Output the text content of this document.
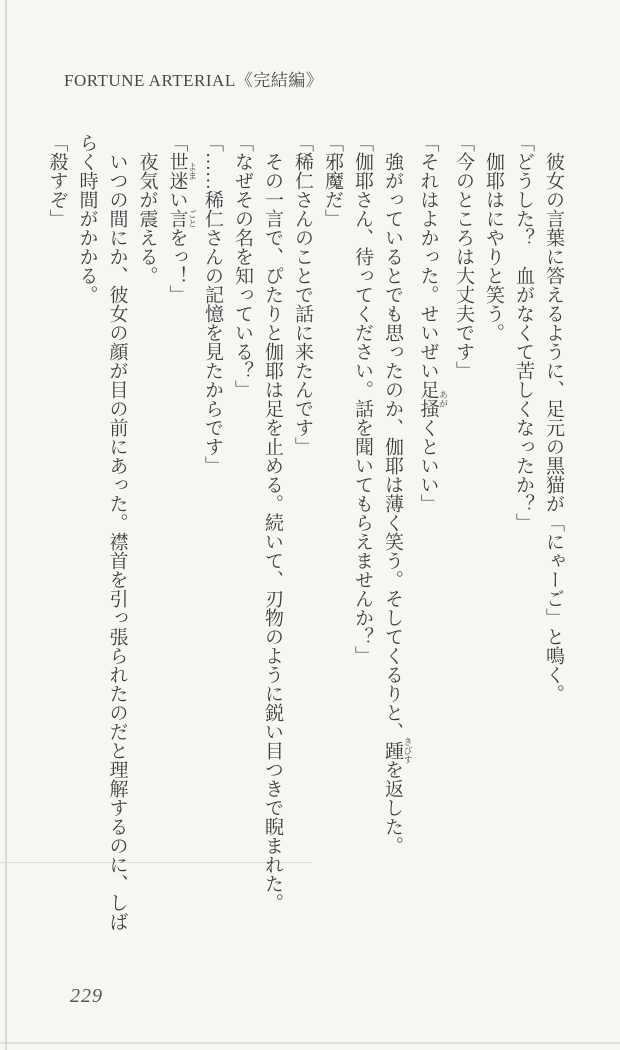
FORTUNE ARTERIAL《完結編》

彼女の言葉に答えるように、足元の黒猫が「にゃーご」と鳴く。

「どうした？　血がなくて苦しくなったか？」

伽耶はにやりと笑う。

「今のところは大丈夫です」

「それはよかった。せいぜい足掻 あがくといい」

強がっているとでも思ったのか、伽耶は薄く笑う。そしてくるりと、踵 きびすを返した。

「伽耶さん、待ってください。話を聞いてもらえませんか？」

「邪魔だ」

「稀仁さんのことで話に来たんです」

その一言で、ぴたりと伽耶は足を止める。続いて、刃物のように鋭い目つきで睨まれた。

「なぜその名を知っている？」

「……稀仁さんの記憶を見たからです」

「世迷 よまい言 ごとをっ！」

夜気が震える。

いつの間にか、彼女の顔が目の前にあった。襟首を引っ張られたのだと理解するのに、しばらく時間がかかる。

「殺すぞ」

229
